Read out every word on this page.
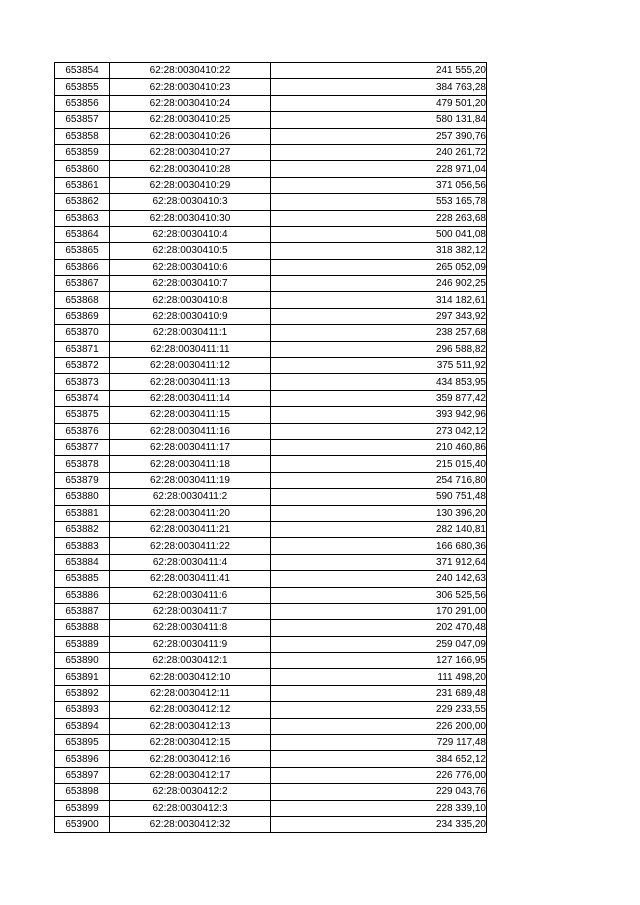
653854	62:28:0030410:22	241 555,20
653855	62:28:0030410:23	384 763,28
653856	62:28:0030410:24	479 501,20
653857	62:28:0030410:25	580 131,84
653858	62:28:0030410:26	257 390,76
653859	62:28:0030410:27	240 261,72
653860	62:28:0030410:28	228 971,04
653861	62:28:0030410:29	371 056,56
653862	62:28:0030410:3	553 165,78
653863	62:28:0030410:30	228 263,68
653864	62:28:0030410:4	500 041,08
653865	62:28:0030410:5	318 382,12
653866	62:28:0030410:6	265 052,09
653867	62:28:0030410:7	246 902,25
653868	62:28:0030410:8	314 182,61
653869	62:28:0030410:9	297 343,92
653870	62:28:0030411:1	238 257,68
653871	62:28:0030411:11	296 588,82
653872	62:28:0030411:12	375 511,92
653873	62:28:0030411:13	434 853,95
653874	62:28:0030411:14	359 877,42
653875	62:28:0030411:15	393 942,96
653876	62:28:0030411:16	273 042,12
653877	62:28:0030411:17	210 460,86
653878	62:28:0030411:18	215 015,40
653879	62:28:0030411:19	254 716,80
653880	62:28:0030411:2	590 751,48
653881	62:28:0030411:20	130 396,20
653882	62:28:0030411:21	282 140,81
653883	62:28:0030411:22	166 680,36
653884	62:28:0030411:4	371 912,64
653885	62:28:0030411:41	240 142,63
653886	62:28:0030411:6	306 525,56
653887	62:28:0030411:7	170 291,00
653888	62:28:0030411:8	202 470,48
653889	62:28:0030411:9	259 047,09
653890	62:28:0030412:1	127 166,95
653891	62:28:0030412:10	111 498,20
653892	62:28:0030412:11	231 689,48
653893	62:28:0030412:12	229 233,55
653894	62:28:0030412:13	226 200,00
653895	62:28:0030412:15	729 117,48
653896	62:28:0030412:16	384 652,12
653897	62:28:0030412:17	226 776,00
653898	62:28:0030412:2	229 043,76
653899	62:28:0030412:3	228 339,10
653900	62:28:0030412:32	234 335,20
